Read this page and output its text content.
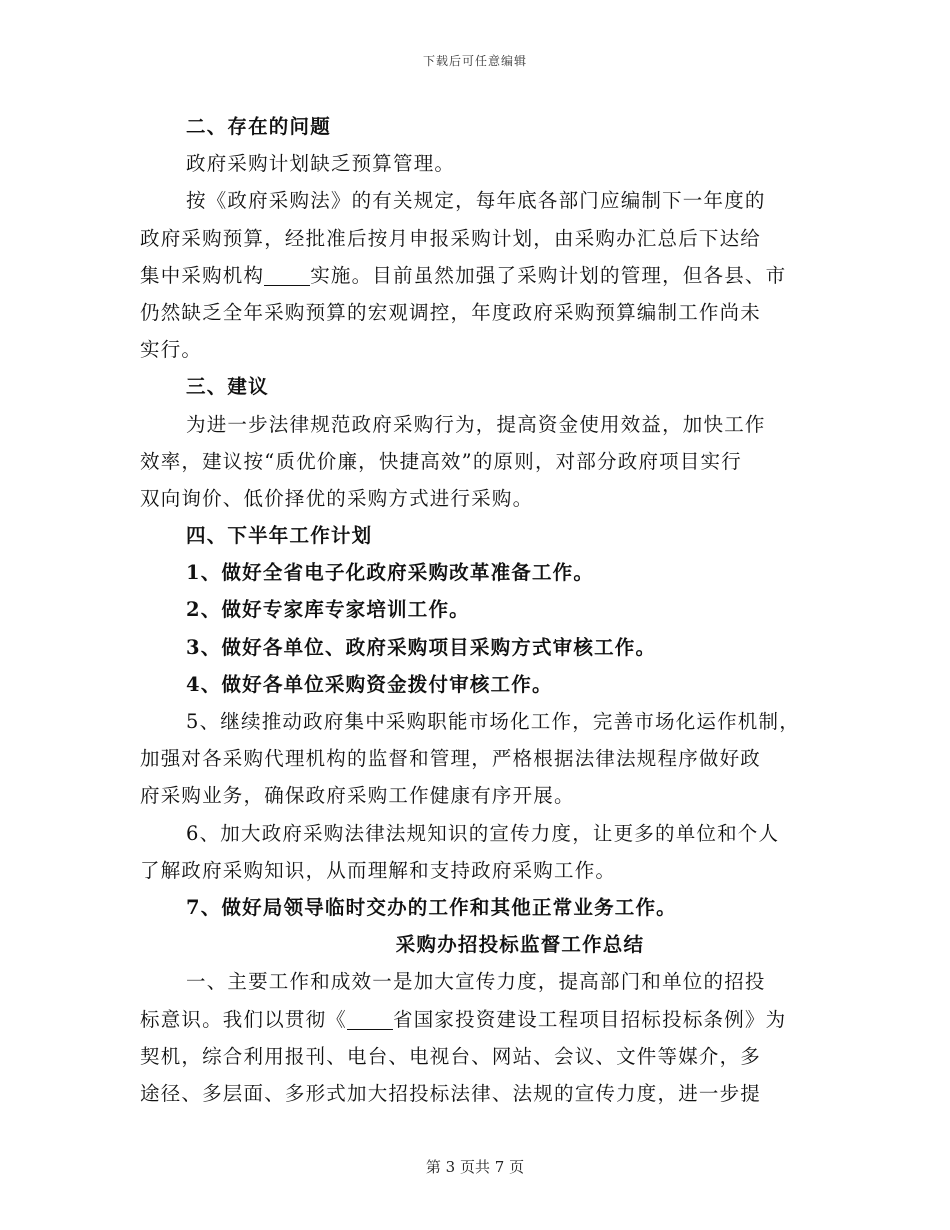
下载后可任意编辑
二、存在的问题
政府采购计划缺乏预算管理。
按《政府采购法》的有关规定，每年底各部门应编制下一年度的
政府采购预算，经批准后按月申报采购计划，由采购办汇总后下达给
集中采购机构 实施。目前虽然加强了采购计划的管理，但各县、市
仍然缺乏全年采购预算的宏观调控，年度政府采购预算编制工作尚未
实行。
三、建议
为进一步法律规范政府采购行为，提高资金使用效益，加快工作
效率，建议按“质优价廉，快捷高效”的原则，对部分政府项目实行
双向询价、低价择优的采购方式进行采购。
四、下半年工作计划
1、做好全省电子化政府采购改革准备工作。
2、做好专家库专家培训工作。
3、做好各单位、政府采购项目采购方式审核工作。
4、做好各单位采购资金拨付审核工作。
5、继续推动政府集中采购职能市场化工作，完善市场化运作机制，
加强对各采购代理机构的监督和管理，严格根据法律法规程序做好政
府采购业务，确保政府采购工作健康有序开展。
6、加大政府采购法律法规知识的宣传力度，让更多的单位和个人
了解政府采购知识，从而理解和支持政府采购工作。
7、做好局领导临时交办的工作和其他正常业务工作。
采购办招投标监督工作总结
一、主要工作和成效一是加大宣传力度，提高部门和单位的招投
标意识。我们以贯彻《 省国家投资建设工程项目招标投标条例》为
契机，综合利用报刊、电台、电视台、网站、会议、文件等媒介，多
途径、多层面、多形式加大招投标法律、法规的宣传力度，进一步提
第 3 页共 7 页
